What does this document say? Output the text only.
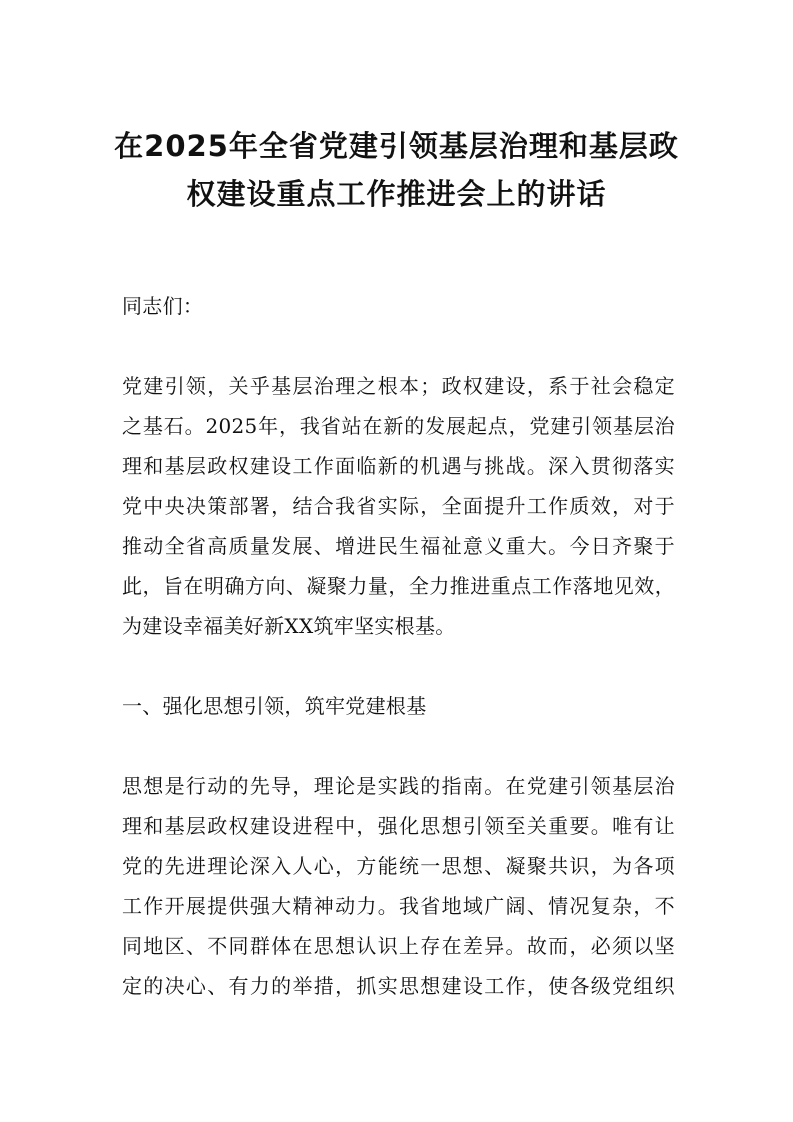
在2025年全省党建引领基层治理和基层政
权建设重点工作推进会上的讲话
同志们：
党建引领，关乎基层治理之根本；政权建设，系于社会稳定
之基石。2025年，我省站在新的发展起点，党建引领基层治
理和基层政权建设工作面临新的机遇与挑战。深入贯彻落实
党中央决策部署，结合我省实际，全面提升工作质效，对于
推动全省高质量发展、增进民生福祉意义重大。今日齐聚于
此，旨在明确方向、凝聚力量，全力推进重点工作落地见效，
为建设幸福美好新XX筑牢坚实根基。
一、强化思想引领，筑牢党建根基
思想是行动的先导，理论是实践的指南。在党建引领基层治
理和基层政权建设进程中，强化思想引领至关重要。唯有让
党的先进理论深入人心，方能统一思想、凝聚共识，为各项
工作开展提供强大精神动力。我省地域广阔、情况复杂，不
同地区、不同群体在思想认识上存在差异。故而，必须以坚
定的决心、有力的举措，抓实思想建设工作，使各级党组织
